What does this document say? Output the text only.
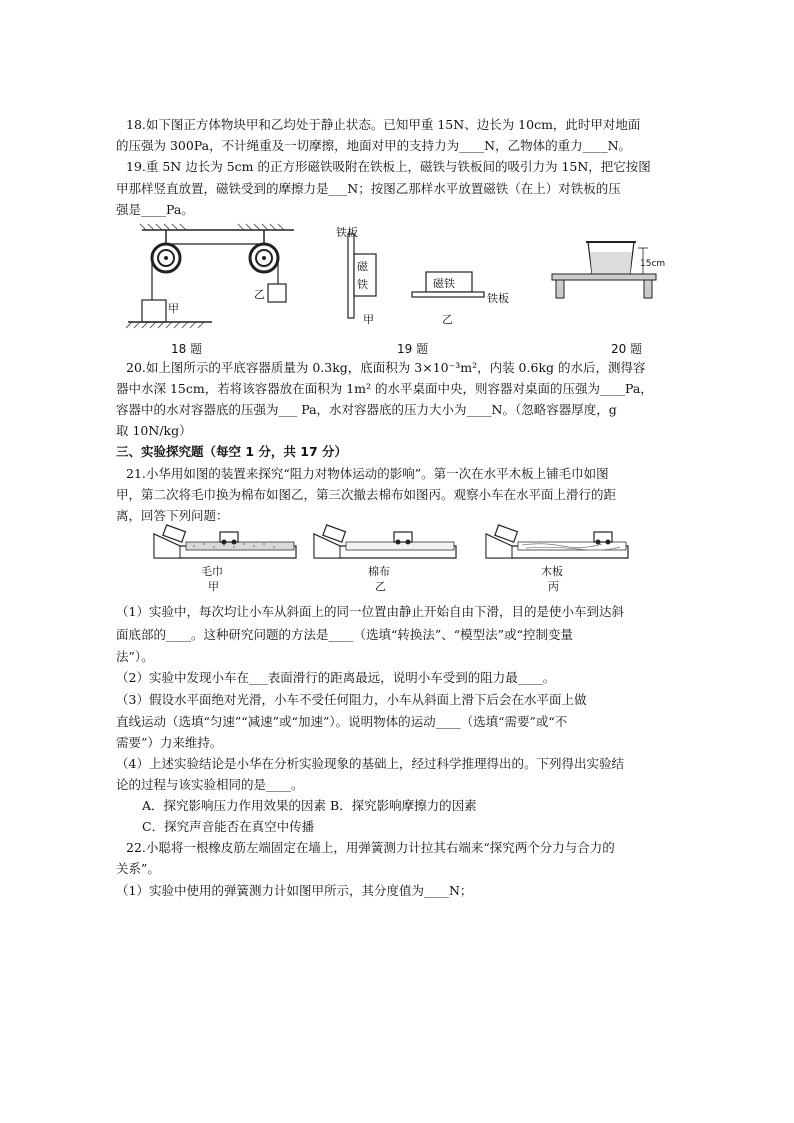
18.如下图正方体物块甲和乙均处于静止状态。已知甲重 15N、边长为 10cm，此时甲对地面
的压强为 300Pa，不计绳重及一切摩擦，地面对甲的支持力为____N，乙物体的重力____N。
19.重 5N 边长为 5cm 的正方形磁铁吸附在铁板上，磁铁与铁板间的吸引力为 15N，把它按图
甲那样竖直放置，磁铁受到的摩擦力是___N；按图乙那样水平放置磁铁（在上）对铁板的压
强是____Pa。
甲
乙
铁板
磁
铁	磁铁
铁板
甲	乙
15cm
18 题	19 题	20 题
20.如上图所示的平底容器质量为 0.3kg，底面积为 3×10⁻³m²，内装 0.6kg 的水后，测得容
器中水深 15cm，若将该容器放在面积为 1m² 的水平桌面中央，则容器对桌面的压强为____Pa，
容器中的水对容器底的压强为___ Pa，水对容器底的压力大小为____N。（忽略容器厚度，g
取 10N/kg）
三、实验探究题（每空 1 分，共 17 分）
21.小华用如图的装置来探究“阻力对物体运动的影响”。第一次在水平木板上铺毛巾如图
甲，第二次将毛巾换为棉布如图乙，第三次撤去棉布如图丙。观察小车在水平面上滑行的距
离，回答下列问题：
毛巾
甲
棉布
乙
木板
丙
（1）实验中，每次均让小车从斜面上的同一位置由静止开始自由下滑，目的是使小车到达斜
面底部的____。这种研究问题的方法是____（选填“转换法”、“模型法”或“控制变量
法”）。
（2）实验中发现小车在___表面滑行的距离最远，说明小车受到的阻力最____。
（3）假设水平面绝对光滑，小车不受任何阻力，小车从斜面上滑下后会在水平面上做
直线运动（选填“匀速”“减速”或“加速”）。说明物体的运动____（选填“需要”或“不
需要”）力来维持。
（4）上述实验结论是小华在分析实验现象的基础上，经过科学推理得出的。下列得出实验结
论的过程与该实验相同的是____。
A．探究影响压力作用效果的因素 B．探究影响摩擦力的因素
C．探究声音能否在真空中传播
22.小聪将一根橡皮筋左端固定在墙上，用弹簧测力计拉其右端来“探究两个分力与合力的
关系”。
（1）实验中使用的弹簧测力计如图甲所示，其分度值为____N；
